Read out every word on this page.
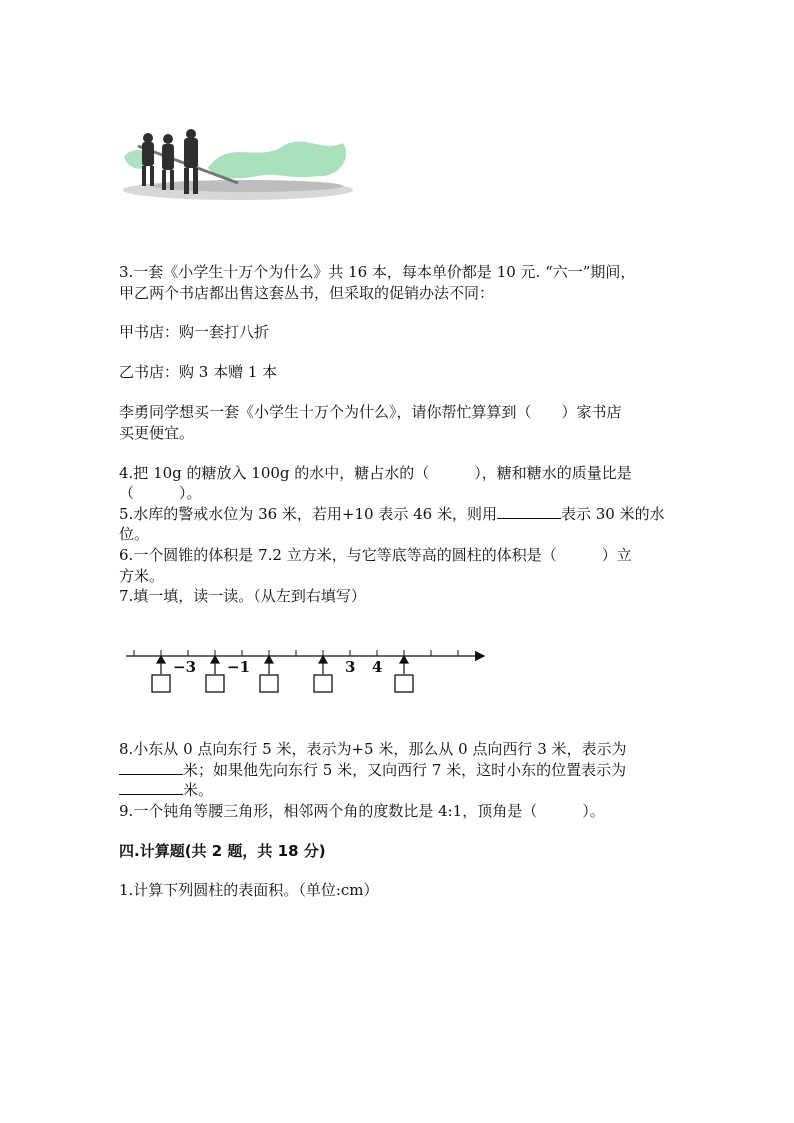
3.一套《小学生十万个为什么》共 16 本，每本单价都是 10 元. “六一”期间，
甲乙两个书店都出售这套丛书，但采取的促销办法不同：
甲书店：购一套打八折
乙书店：购 3 本赠 1 本
李勇同学想买一套《小学生十万个为什么》，请你帮忙算算到（　　）家书店
买更便宜。
4.把 10g 的糖放入 100g 的水中，糖占水的（　　　），糖和糖水的质量比是
（　　　）。
5.水库的警戒水位为 36 米，若用+10 表示 46 米，则用	表示 30 米的水
位。
6.一个圆锥的体积是 7.2 立方米，与它等底等高的圆柱的体积是（　　　）立
方米。
7.填一填，读一读。（从左到右填写）
−3 −1	3 4
8.小东从 0 点向东行 5 米，表示为+5 米，那么从 0 点向西行 3 米，表示为
米；如果他先向东行 5 米，又向西行 7 米，这时小东的位置表示为
米。
9.一个钝角等腰三角形，相邻两个角的度数比是 4:1，顶角是（　　　）。
四.计算题(共 2 题，共 18 分)
1.计算下列圆柱的表面积。（单位:cm）
